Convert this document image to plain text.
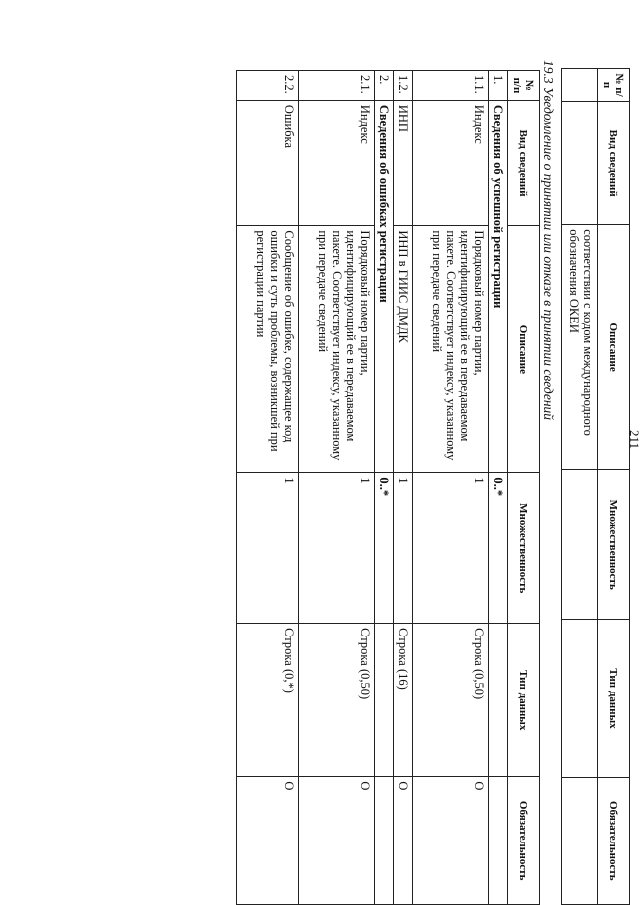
211
№ п/п	Вид сведений	Описание	Множественность	Тип данных	Обязательность
		соответствии с кодом международного обозначения ОКЕИ			
19.3 Уведомление о принятии или отказе в принятии сведений
№ п/п	Вид сведений	Описание	Множественность	Тип данных	Обязательность
1.	Сведения об успешной регистрации		0..*		
1.1.	Индекс	Порядковый номер партии, идентифицирующий ее в передаваемом пакете. Соответствует индексу, указанному при передаче сведений	1	Строка (0,50)	О
1.2.	ИНП	ИНП в ГИИС ДМДК	1	Строка (16)	О
2.	Сведения об ошибках регистрации		0..*		
2.1.	Индекс	Порядковый номер партии, идентифицирующий ее в передаваемом пакете. Соответствует индексу, указанному при передаче сведений	1	Строка (0,50)	О
2.2.	Ошибка	Сообщение об ошибке, содержащее код ошибки и суть проблемы, возникшей при регистрации партии	1	Строка (0,*)	О
